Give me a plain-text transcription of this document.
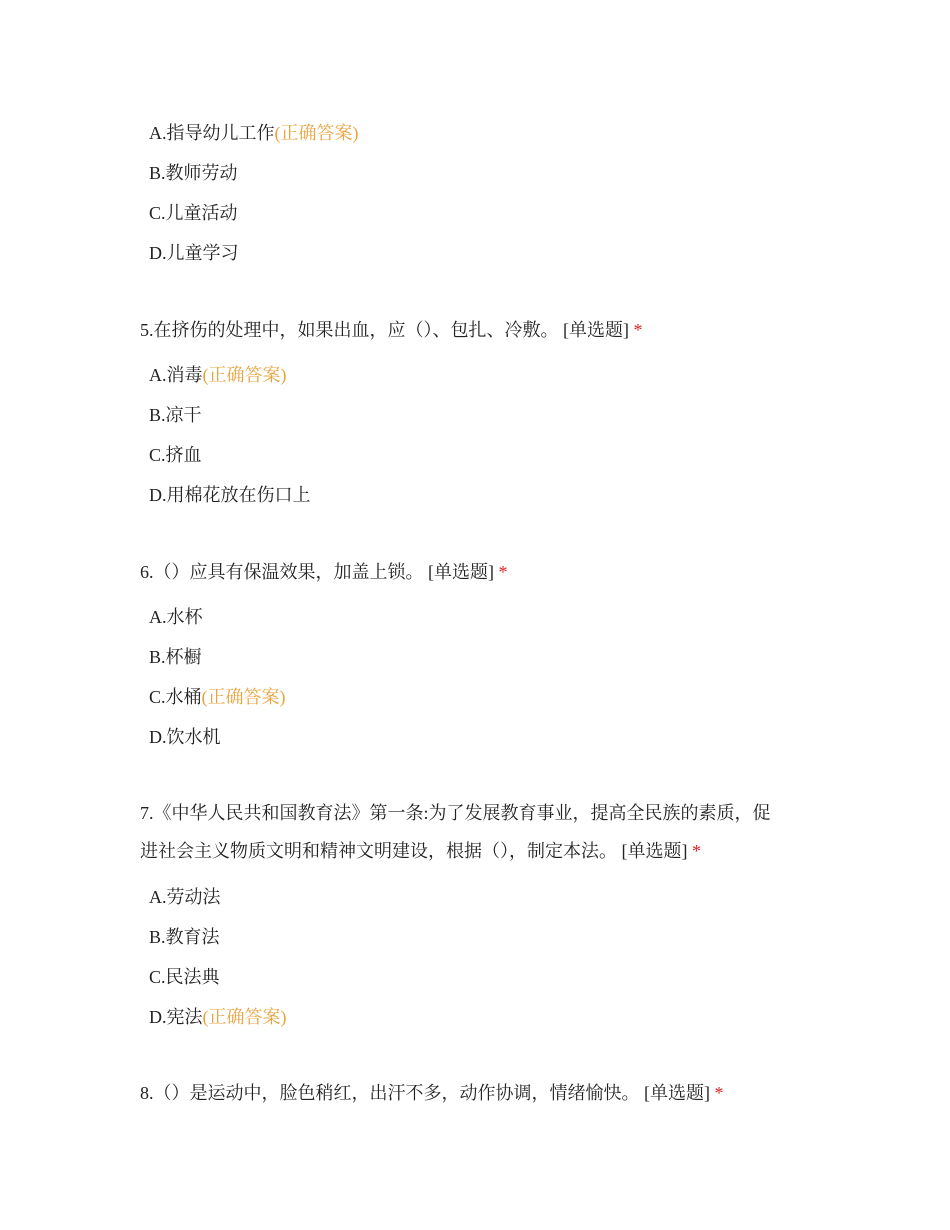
A.指导幼儿工作(正确答案)
B.教师劳动
C.儿童活动
D.儿童学习
5.在挤伤的处理中，如果出血，应（）、包扎、冷敷。 [单选题] *
A.消毒(正确答案)
B.凉干
C.挤血
D.用棉花放在伤口上
6.（）应具有保温效果，加盖上锁。 [单选题] *
A.水杯
B.杯橱
C.水桶(正确答案)
D.饮水机
7.《中华人民共和国教育法》第一条:为了发展教育事业，提高全民族的素质，促
进社会主义物质文明和精神文明建设，根据（），制定本法。 [单选题] *
A.劳动法
B.教育法
C.民法典
D.宪法(正确答案)
8.（）是运动中，脸色稍红，出汗不多，动作协调，情绪愉快。 [单选题] *
